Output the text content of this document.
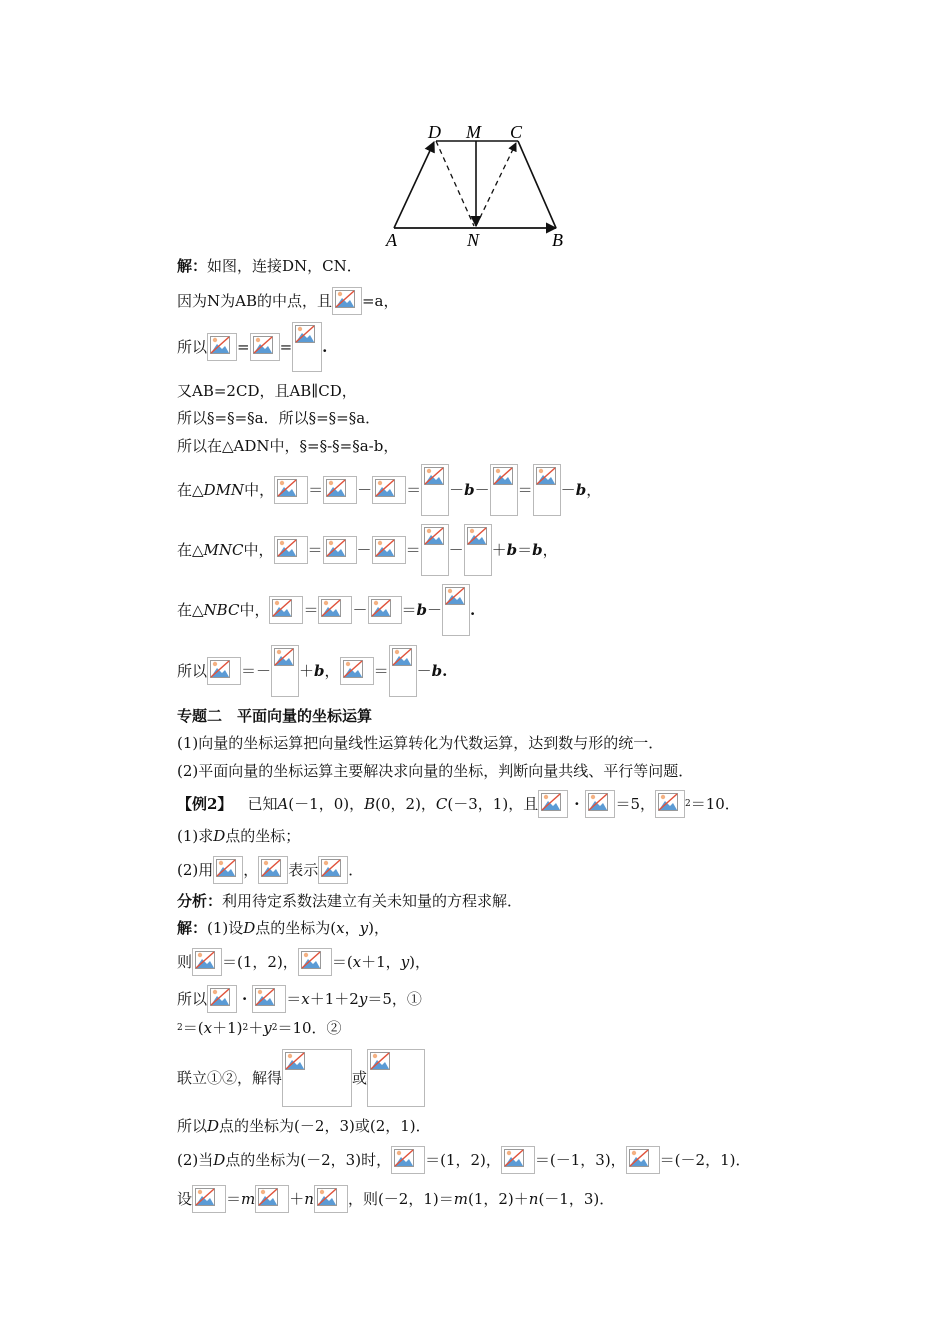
D M C
A	N	B
解： 如图，连接DN，CN．
因为N为AB的中点，且 =a，
所以 = = .
又AB=2CD，且AB∥CD，
所以§=§=§a．所以§=§=§a．
所以在△ADN中，§=§-§=§a-b，
在△ DMN 中， ＝ － ＝ － b － ＝ － b ，
在△ MNC 中， ＝ － ＝ － ＋ b ＝ b ，
在△ NBC 中， ＝ － ＝ b － .
所以 ＝－ ＋ b ， ＝ － b .
专题二　平面向量的坐标运算
(1)向量的坐标运算把向量线性运算转化为代数运算，达到数与形的统一．
(2)平面向量的坐标运算主要解决求向量的坐标，判断向量共线、平行等问题．
【例2】 　已知 A (－1，0)， B (0，2)， C (－3，1)，且 · ＝5，	2 ＝10．
(1)求 D 点的坐标；
(2)用 ， 表示 ．
分析： 利用待定系数法建立有关未知量的方程求解．
解： (1)设 D 点的坐标为( x ， y )，
则 ＝(1，2)， ＝( x ＋1， y )，
所以 ·	＝ x ＋1＋2 y ＝5，①
2 ＝( x ＋1) 2 ＋ y 2 ＝10．②
联立①②，解得	或
所以 D 点的坐标为(－2，3)或(2，1)．
(2)当 D 点的坐标为(－2，3)时， ＝(1，2)， ＝(－1，3)， ＝(－2，1)．
设 ＝ m ＋ n ，则(－2，1)＝ m (1，2)＋ n (－1，3)．
